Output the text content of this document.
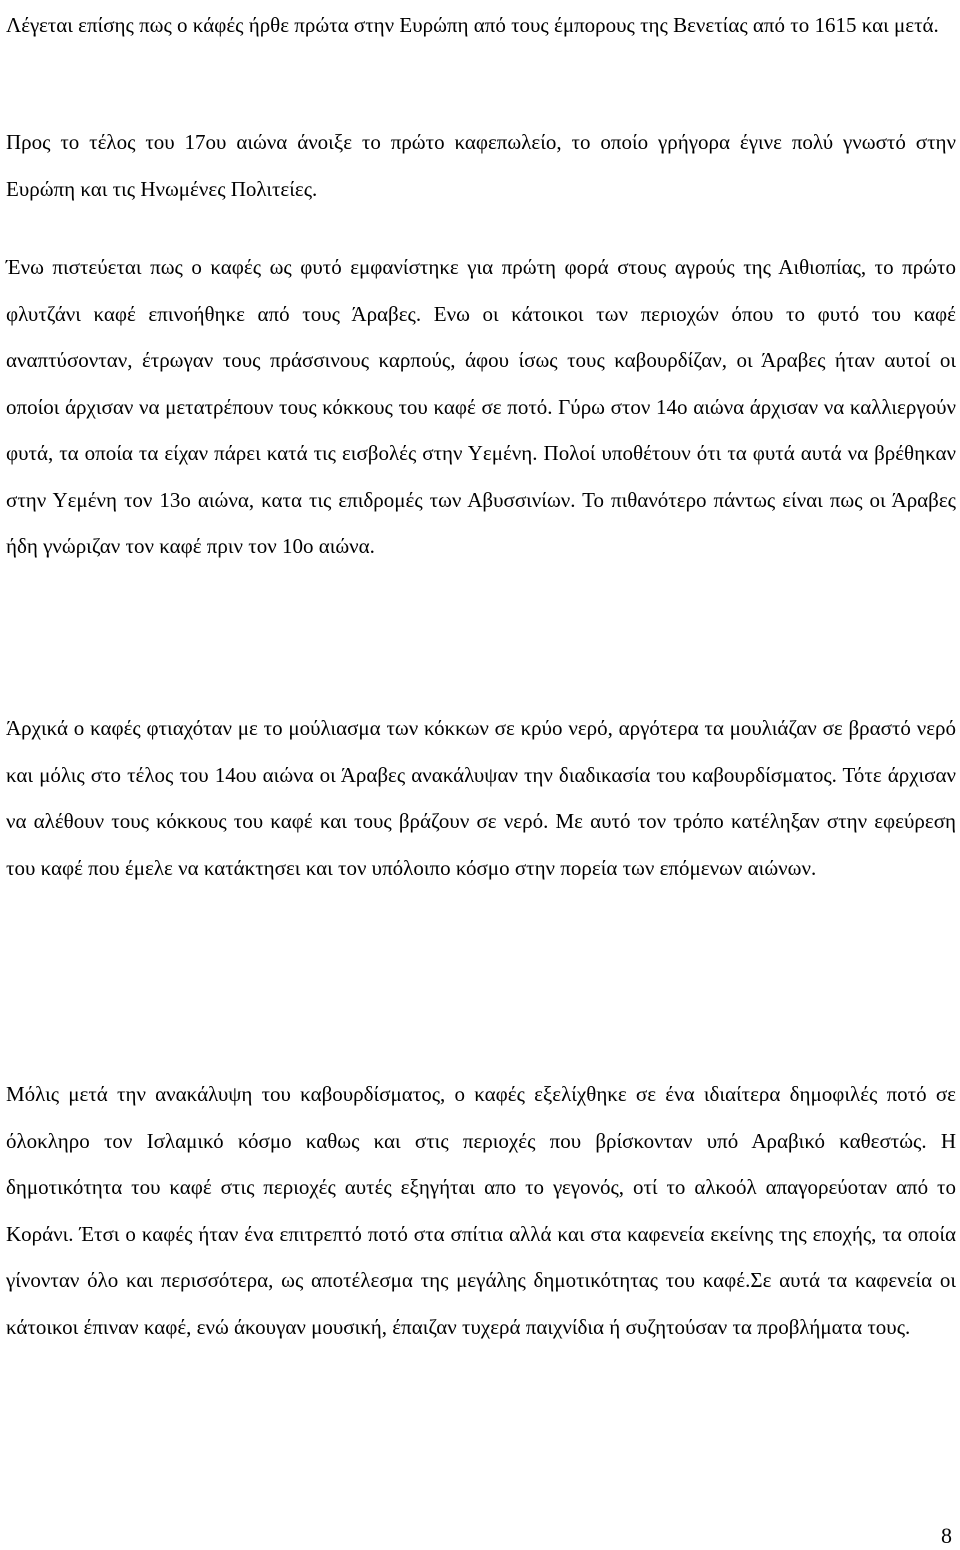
Λέγεται επίσης πως ο κάφές ήρθε πρώτα στην Ευρώπη από τους έμπορους της Βενετίας από το 1615 και μετά.

Προς το τέλος του 17ου αιώνα άνοιξε το πρώτο καφεπωλείο, το οποίο γρήγορα έγινε πολύ γνωστό στην Ευρώπη και τις Ηνωμένες Πολιτείες.

Ένω πιστεύεται πως ο καφές ως φυτό εμφανίστηκε για πρώτη φορά στους αγρούς της Αιθιοπίας, το πρώτο φλυτζάνι καφέ επινοήθηκε από τους Άραβες. Ενω οι κάτοικοι των περιοχών όπου το φυτό του καφέ αναπτύσονταν, έτρωγαν τους πράσσινους καρπούς, άφου ίσως τους καβουρδίζαν, οι Άραβες ήταν αυτοί οι οποίοι άρχισαν να μετατρέπουν τους κόκκους του καφέ σε ποτό. Γύρω στον 14ο αιώνα άρχισαν να καλλιεργούν φυτά, τα οποία τα είχαν πάρει κατά τις εισβολές στην Υεμένη. Πολοί υποθέτουν ότι τα φυτά αυτά να βρέθηκαν στην Υεμένη τον 13ο αιώνα, κατα τις επιδρομές των Αβυσσινίων. Το πιθανότερο πάντως είναι πως οι Άραβες ήδη γνώριζαν τον καφέ πριν τον 10ο αιώνα.

Άρχικά ο καφές φτιαχόταν με το μούλιασμα των κόκκων σε κρύο νερό, αργότερα τα μουλιάζαν σε βραστό νερό και μόλις στο τέλος του 14ου αιώνα οι Άραβες ανακάλυψαν την διαδικασία του καβουρδίσματος. Τότε άρχισαν να αλέθουν τους κόκκους του καφέ και τους βράζουν σε νερό. Με αυτό τον τρόπο κατέληξαν στην εφεύρεση του καφέ που έμελε να κατάκτησει και τον υπόλοιπο κόσμο στην πορεία των επόμενων αιώνων.

Μόλις μετά την ανακάλυψη του καβουρδίσματος, ο καφές εξελίχθηκε σε ένα ιδιαίτερα δημοφιλές ποτό σε όλοκληρο τον Ισλαμικό κόσμο καθως και στις περιοχές που βρίσκονταν υπό Αραβικό καθεστώς. Η δημοτικότητα του καφέ στις περιοχές αυτές εξηγήται απο το γεγονός, οτί το αλκοόλ απαγορεύοταν από το Κοράνι. Έτσι ο καφές ήταν ένα επιτρεπτό ποτό στα σπίτια αλλά και στα καφενεία εκείνης της εποχής, τα οποία γίνονταν όλο και περισσότερα, ως αποτέλεσμα της μεγάλης δημοτικότητας του καφέ.Σε αυτά τα καφενεία οι κάτοικοι έπιναν καφέ, ενώ άκουγαν μουσική, έπαιζαν τυχερά παιχνίδια ή συζητούσαν τα προβλήματα τους.

8
